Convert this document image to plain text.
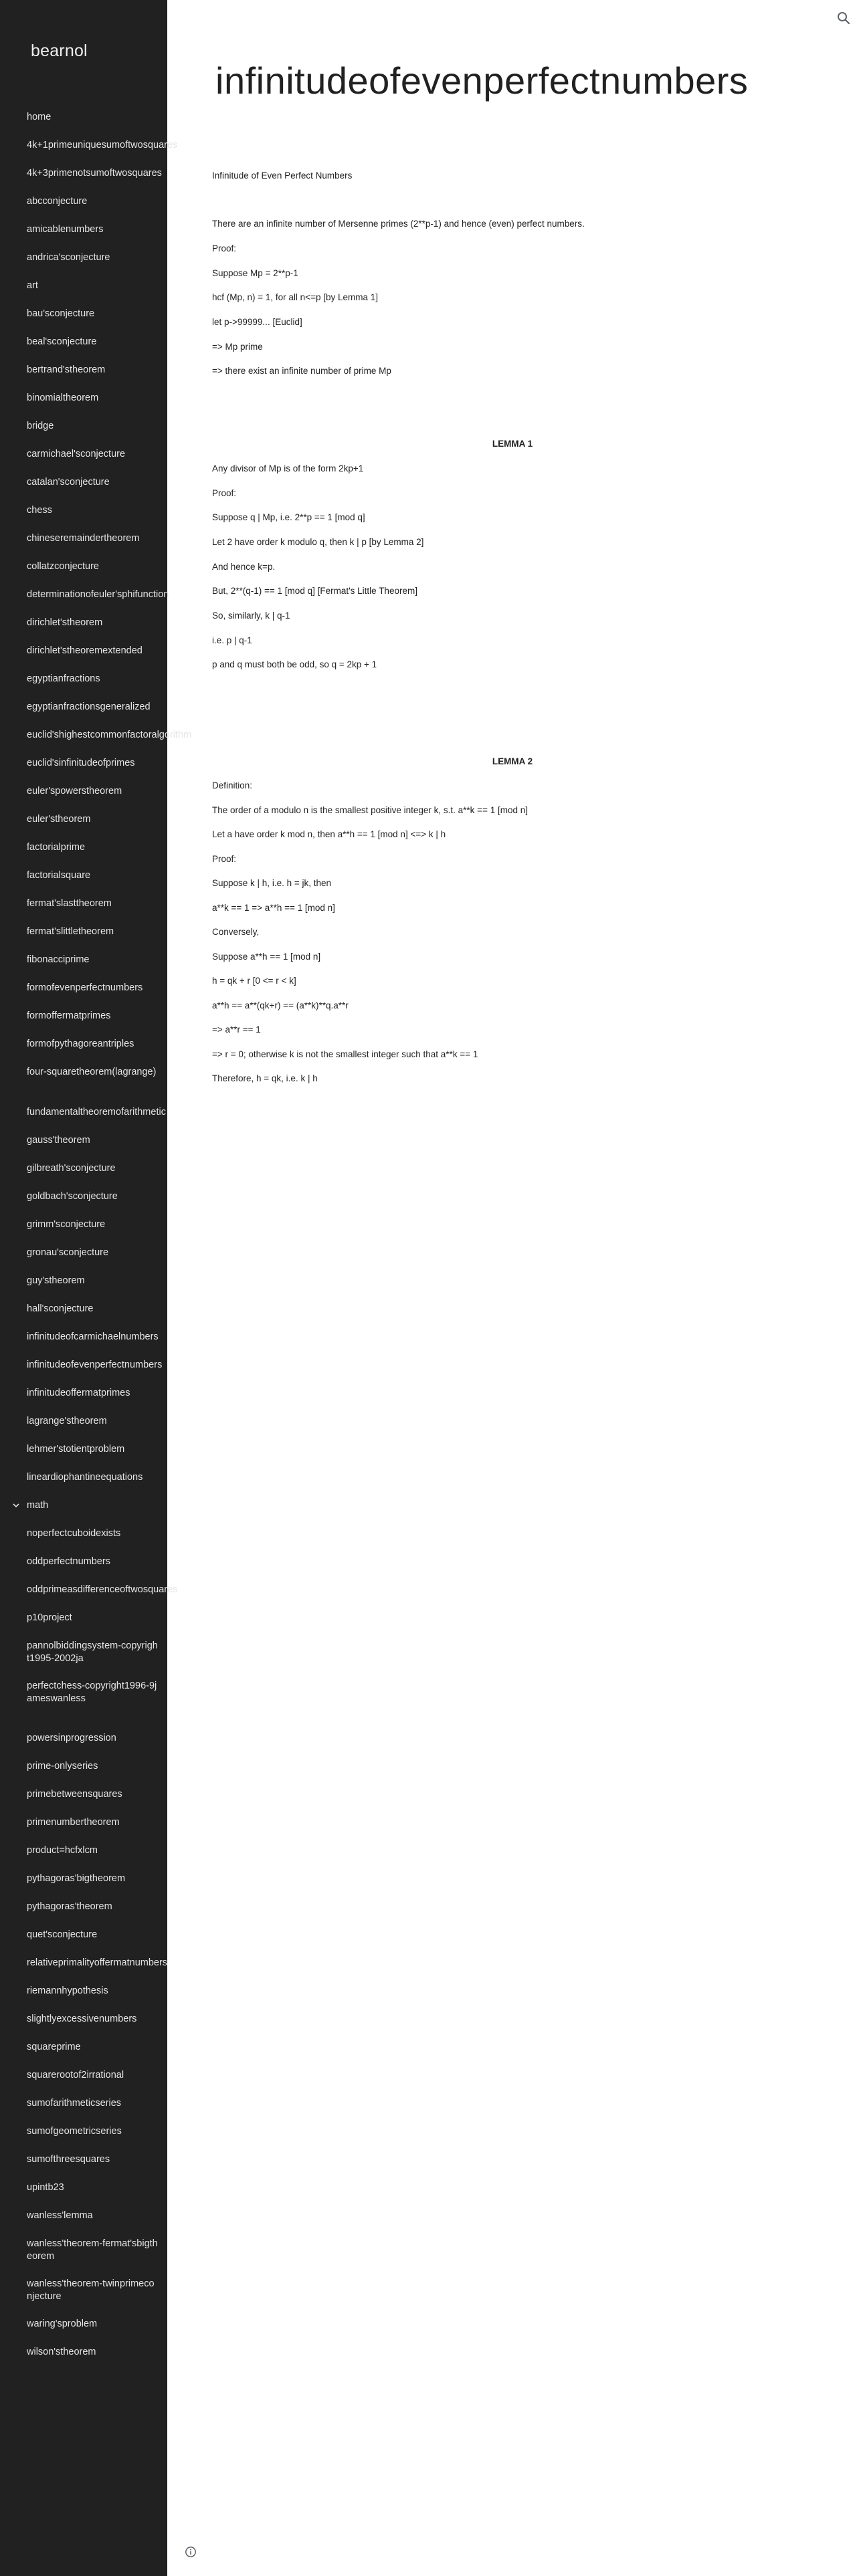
bearnol
home
4k+1primeuniquesumoftwosquares
4k+3primenotsumoftwosquares
abcconjecture
amicablenumbers
andrica'sconjecture
art
bau'sconjecture
beal'sconjecture
bertrand'stheorem
binomialtheorem
bridge
carmichael'sconjecture
catalan'sconjecture
chess
chineseremaindertheorem
collatzconjecture
determinationofeuler'sphifunction
dirichlet'stheorem
dirichlet'stheoremextended
egyptianfractions
egyptianfractionsgeneralized
euclid'shighestcommonfactoralgorithm
euclid'sinfinitudeofprimes
euler'spowerstheorem
euler'stheorem
factorialprime
factorialsquare
fermat'slasttheorem
fermat'slittletheorem
fibonacciprime
formofevenperfectnumbers
formoffermatprimes
formofpythagoreantriples
four-squaretheorem(lagrange)
fundamentaltheoremofarithmetic
gauss'theorem
gilbreath'sconjecture
goldbach'sconjecture
grimm'sconjecture
gronau'sconjecture
guy'stheorem
hall'sconjecture
infinitudeofcarmichaelnumbers
infinitudeofevenperfectnumbers
infinitudeoffermatprimes
lagrange'stheorem
lehmer'stotientproblem
lineardiophantineequations
math
noperfectcuboidexists
oddperfectnumbers
oddprimeasdifferenceoftwosquares
p10project
pannolbiddingsystem-copyright1995-2002ja
perfectchess-copyright1996-9jameswanless
powersinprogression
prime-onlyseries
primebetweensquares
primenumbertheorem
product=hcfxlcm
pythagoras'bigtheorem
pythagoras'theorem
quet'sconjecture
relativeprimalityoffermatnumbers
riemannhypothesis
slightlyexcessivenumbers
squareprime
squarerootof2irrational
sumofarithmeticseries
sumofgeometricseries
sumofthreesquares
upintb23
wanless'lemma
wanless'theorem-fermat'sbigtheorem
wanless'theorem-twinprimeconjecture
waring'sproblem
wilson'stheorem
infinitudeofevenperfectnumbers
Infinitude of Even Perfect Numbers
There are an infinite number of Mersenne primes (2**p-1) and hence (even) perfect numbers.
Proof:
Suppose Mp = 2**p-1
hcf (Mp, n) = 1, for all n<=p [by Lemma 1]
let p->99999... [Euclid]
=> Mp prime
=> there exist an infinite number of prime Mp
LEMMA 1
Any divisor of Mp is of the form 2kp+1
Proof:
Suppose q | Mp, i.e. 2**p == 1 [mod q]
Let 2 have order k modulo q, then k | p [by Lemma 2]
And hence k=p.
But, 2**(q-1) == 1 [mod q] [Fermat's Little Theorem]
So, similarly, k | q-1
i.e. p | q-1
p and q must both be odd, so q = 2kp + 1
LEMMA 2
Definition:
The order of a modulo n is the smallest positive integer k, s.t. a**k == 1 [mod n]
Let a have order k mod n, then a**h == 1 [mod n] <=> k | h
Proof:
Suppose k | h, i.e. h = jk, then
a**k == 1 => a**h == 1 [mod n]
Conversely,
Suppose a**h == 1 [mod n]
h = qk + r [0 <= r < k]
a**h == a**(qk+r) == (a**k)**q.a**r
=> a**r == 1
=> r = 0; otherwise k is not the smallest integer such that a**k == 1
Therefore, h = qk, i.e. k | h
